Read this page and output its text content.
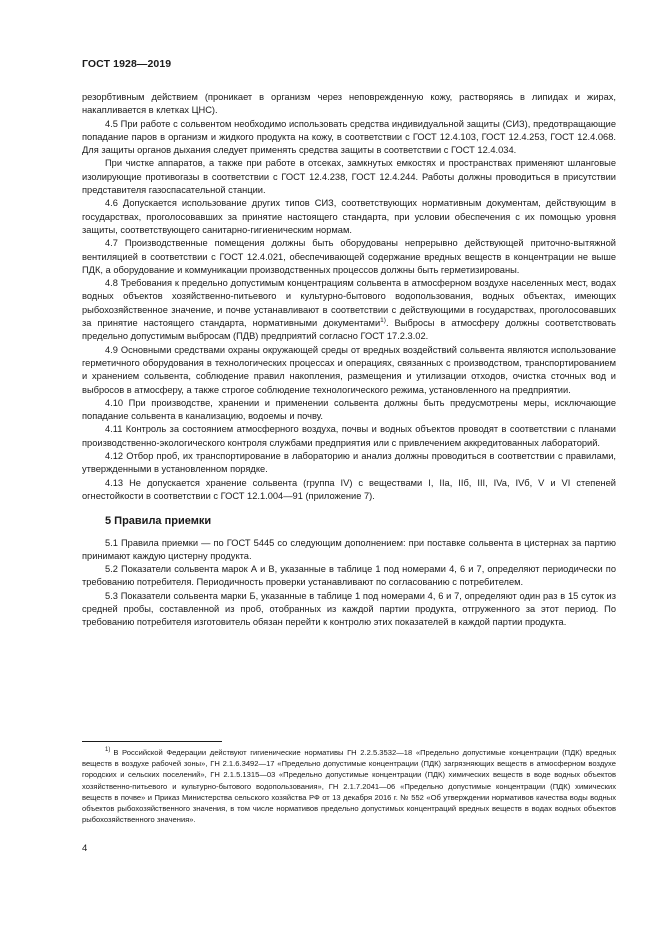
ГОСТ 1928—2019

резорбтивным действием (проникает в организм через неповрежденную кожу, растворяясь в липидах и жирах, накапливается в клетках ЦНС).

4.5 При работе с сольвентом необходимо использовать средства индивидуальной защиты (СИЗ), предотвращающие попадание паров в организм и жидкого продукта на кожу, в соответствии с ГОСТ 12.4.103, ГОСТ 12.4.253, ГОСТ 12.4.068. Для защиты органов дыхания следует применять средства защиты в соответствии с ГОСТ 12.4.034.

При чистке аппаратов, а также при работе в отсеках, замкнутых емкостях и пространствах применяют шланговые изолирующие противогазы в соответствии с ГОСТ 12.4.238, ГОСТ 12.4.244. Работы должны проводиться в присутствии представителя газоспасательной станции.

4.6 Допускается использование других типов СИЗ, соответствующих нормативным документам, действующим в государствах, проголосовавших за принятие настоящего стандарта, при условии обеспечения с их помощью уровня защиты, соответствующего санитарно-гигиеническим нормам.

4.7 Производственные помещения должны быть оборудованы непрерывно действующей приточно-вытяжной вентиляцией в соответствии с ГОСТ 12.4.021, обеспечивающей содержание вредных веществ в концентрации не выше ПДК, а оборудование и коммуникации производственных процессов должны быть герметизированы.

4.8 Требования к предельно допустимым концентрациям сольвента в атмосферном воздухе населенных мест, водах водных объектов хозяйственно-питьевого и культурно-бытового водопользования, водных объектах, имеющих рыбохозяйственное значение, и почве устанавливают в соответствии с действующими в государствах, проголосовавших за принятие настоящего стандарта, нормативными документами$^{1)}$. Выбросы в атмосферу должны соответствовать предельно допустимым выбросам (ПДВ) предприятий согласно ГОСТ 17.2.3.02.

4.9 Основными средствами охраны окружающей среды от вредных воздействий сольвента являются использование герметичного оборудования в технологических процессах и операциях, связанных с производством, транспортированием и хранением сольвента, соблюдение правил накопления, размещения и утилизации отходов, очистка сточных вод и выбросов в атмосферу, а также строгое соблюдение технологического режима, установленного на предприятии.

4.10 При производстве, хранении и применении сольвента должны быть предусмотрены меры, исключающие попадание сольвента в канализацию, водоемы и почву.

4.11 Контроль за состоянием атмосферного воздуха, почвы и водных объектов проводят в соответствии с планами производственно-экологического контроля службами предприятия или с привлечением аккредитованных лабораторий.

4.12 Отбор проб, их транспортирование в лабораторию и анализ должны проводиться в соответствии с правилами, утвержденными в установленном порядке.

4.13 Не допускается хранение сольвента (группа IV) с веществами I, IIa, IIб, III, IVa, IVб, V и VI степеней огнестойкости в соответствии с ГОСТ 12.1.004—91 (приложение 7).

5 Правила приемки

5.1 Правила приемки — по ГОСТ 5445 со следующим дополнением: при поставке сольвента в цистернах за партию принимают каждую цистерну продукта.

5.2 Показатели сольвента марок А и В, указанные в таблице 1 под номерами 4, 6 и 7, определяют периодически по требованию потребителя. Периодичность проверки устанавливают по согласованию с потребителем.

5.3 Показатели сольвента марки Б, указанные в таблице 1 под номерами 4, 6 и 7, определяют один раз в 15 суток из средней пробы, составленной из проб, отобранных из каждой партии продукта, отгруженного за этот период. По требованию потребителя изготовитель обязан перейти к контролю этих показателей в каждой партии продукта.

$^{1)}$ В Российской Федерации действуют гигиенические нормативы ГН 2.2.5.3532—18 «Предельно допустимые концентрации (ПДК) вредных веществ в воздухе рабочей зоны», ГН 2.1.6.3492—17 «Предельно допустимые концентрации (ПДК) загрязняющих веществ в атмосферном воздухе городских и сельских поселений», ГН 2.1.5.1315—03 «Предельно допустимые концентрации (ПДК) химических веществ в воде водных объектов хозяйственно-питьевого и культурно-бытового водопользования», ГН 2.1.7.2041—06 «Предельно допустимые концентрации (ПДК) химических веществ в почве» и Приказ Министерства сельского хозяйства РФ от 13 декабря 2016 г. № 552 «Об утверждении нормативов качества воды водных объектов рыбохозяйственного значения, в том числе нормативов предельно допустимых концентраций вредных веществ в водах водных объектов рыбохозяйственного значения».
4
